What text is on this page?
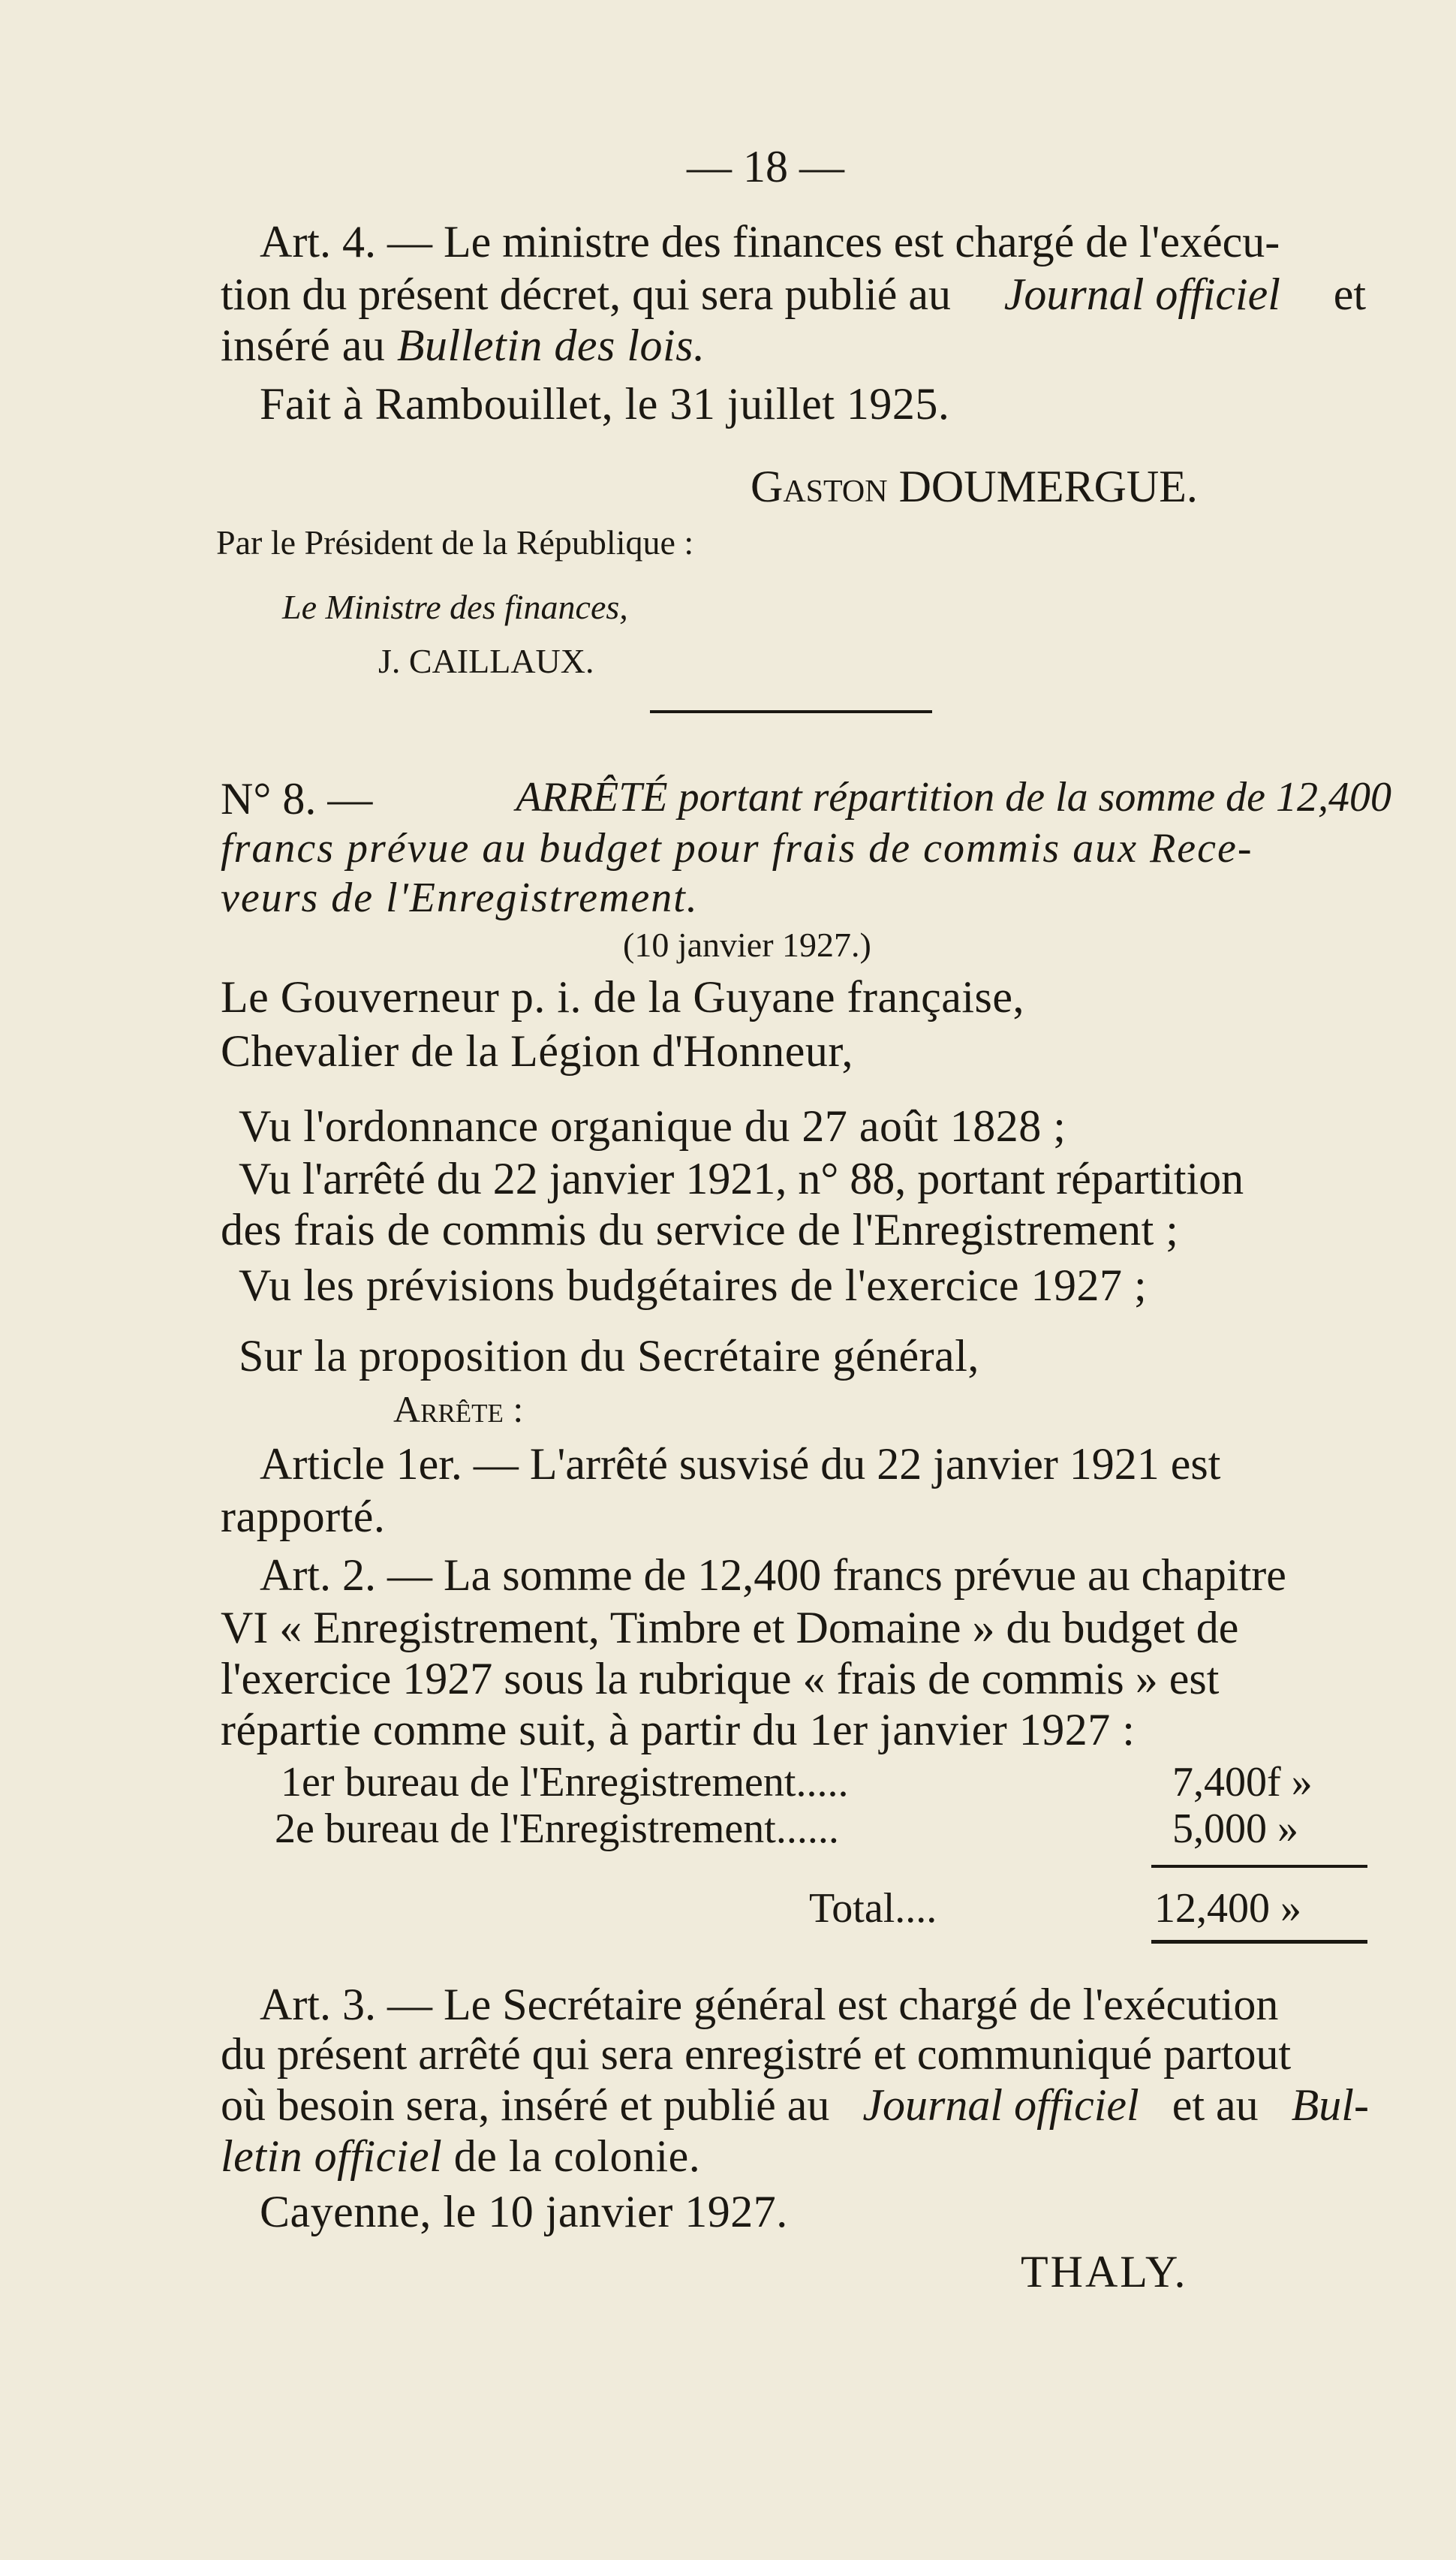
— 18 —
Art. 4. — Le ministre des finances est chargé de l'exécu-
tion du présent décret, qui sera publié au Journal officiel et
inséré au Bulletin des lois.
Fait à Rambouillet, le 31 juillet 1925.
Gaston DOUMERGUE.
Par le Président de la République :
Le Ministre des finances,
J. CAILLAUX.
N° 8. —	ARRÊTÉ portant répartition de la somme de 12,400
francs prévue au budget pour frais de commis aux Rece-
veurs de l'Enregistrement.
(10 janvier 1927.)
Le Gouverneur p. i. de la Guyane française,
Chevalier de la Légion d'Honneur,
Vu l'ordonnance organique du 27 août 1828 ;
Vu l'arrêté du 22 janvier 1921, n° 88, portant répartition
des frais de commis du service de l'Enregistrement ;
Vu les prévisions budgétaires de l'exercice 1927 ;
Sur la proposition du Secrétaire général,
Arrête :
Article 1er. — L'arrêté susvisé du 22 janvier 1921 est
rapporté.
Art. 2. — La somme de 12,400 francs prévue au chapitre
VI « Enregistrement, Timbre et Domaine » du budget de
l'exercice 1927 sous la rubrique « frais de commis » est
répartie comme suit, à partir du 1er janvier 1927 :
1er bureau de l'Enregistrement.....	7,400f »
2e bureau de l'Enregistrement......	5,000 »
Total....	12,400 »
Art. 3. — Le Secrétaire général est chargé de l'exécution
du présent arrêté qui sera enregistré et communiqué partout
où besoin sera, inséré et publié au Journal officiel et au Bul-
letin officiel de la colonie.
Cayenne, le 10 janvier 1927.
THALY.
